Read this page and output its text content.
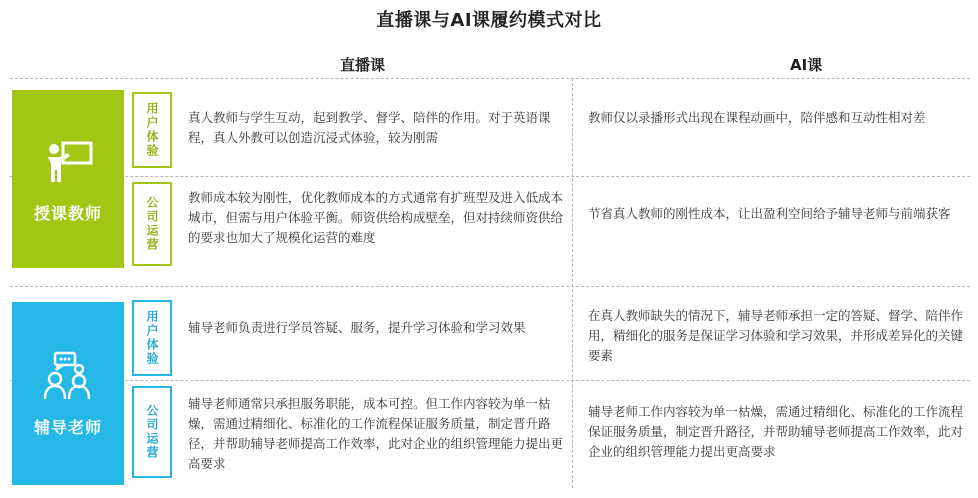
直播课与AI课履约模式对比
直播课	AI课
授课教师
用户体验
公司运营
真人教师与学生互动，起到教学、督学、陪伴的作用。对于英语课程，真人外教可以创造沉浸式体验，较为刚需
教师仅以录播形式出现在课程动画中，陪伴感和互动性相对差
教师成本较为刚性，优化教师成本的方式通常有扩班型及进入低成本城市，但需与用户体验平衡。师资供给构成壁垒，但对持续师资供给的要求也加大了规模化运营的难度
节省真人教师的刚性成本，让出盈利空间给予辅导老师与前端获客
辅导老师
用户体验
公司运营
辅导老师负责进行学员答疑、服务，提升学习体验和学习效果
在真人教师缺失的情况下，辅导老师承担一定的答疑、督学、陪伴作用，精细化的服务是保证学习体验和学习效果，并形成差异化的关键要素
辅导老师通常只承担服务职能，成本可控。但工作内容较为单一枯燥，需通过精细化、标准化的工作流程保证服务质量，制定晋升路径，并帮助辅导老师提高工作效率，此对企业的组织管理能力提出更高要求
辅导老师工作内容较为单一枯燥，需通过精细化、标准化的工作流程保证服务质量，制定晋升路径，并帮助辅导老师提高工作效率，此对企业的组织管理能力提出更高要求
